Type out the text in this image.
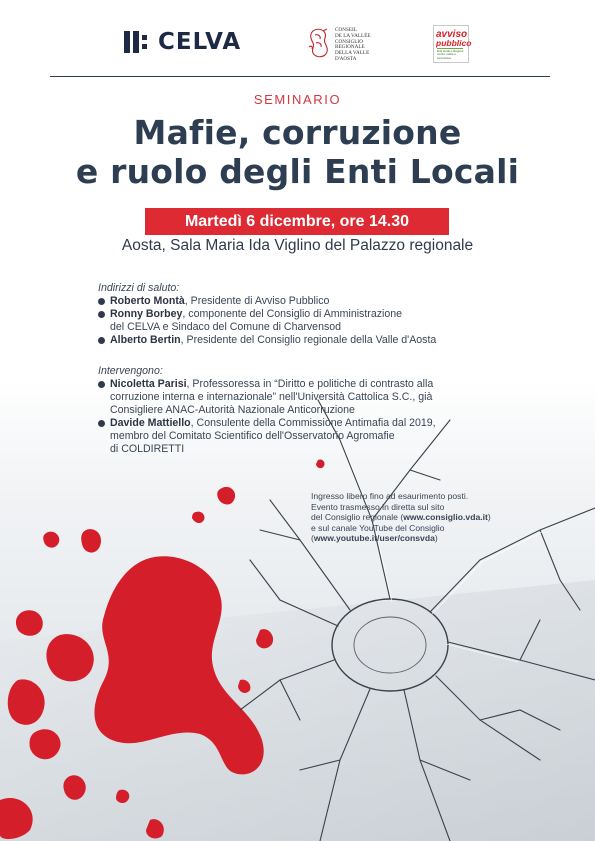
CELVA	CONSEIL
DE LA VALLÉE
CONSIGLIO
REGIONALE
DELLA VALLE
D'AOSTA
avviso
pubblico
Enti locali e Regioni contro mafie e corruzione
SEMINARIO
Mafie, corruzione
e ruolo degli Enti Locali
Martedì 6 dicembre, ore 14.30
Aosta, Sala Maria Ida Viglino del Palazzo regionale
Indirizzi di saluto:
Roberto Montà, Presidente di Avviso Pubblico
Ronny Borbey, componente del Consiglio di Amministrazione
del CELVA e Sindaco del Comune di Charvensod
Alberto Bertin, Presidente del Consiglio regionale della Valle d'Aosta
Intervengono:
Nicoletta Parisi, Professoressa in “Diritto e politiche di contrasto alla
corruzione interna e internazionale” nell'Università Cattolica S.C., già
Consigliere ANAC-Autorità Nazionale Anticorruzione
Davide Mattiello, Consulente della Commissione Antimafia dal 2019,
membro del Comitato Scientifico dell'Osservatorio Agromafie
di COLDIRETTI
Ingresso libero fino ad esaurimento posti.
Evento trasmesso in diretta sul sito
del Consiglio regionale (www.consiglio.vda.it)
e sul canale YouTube del Consiglio
(www.youtube.it/user/consvda)
